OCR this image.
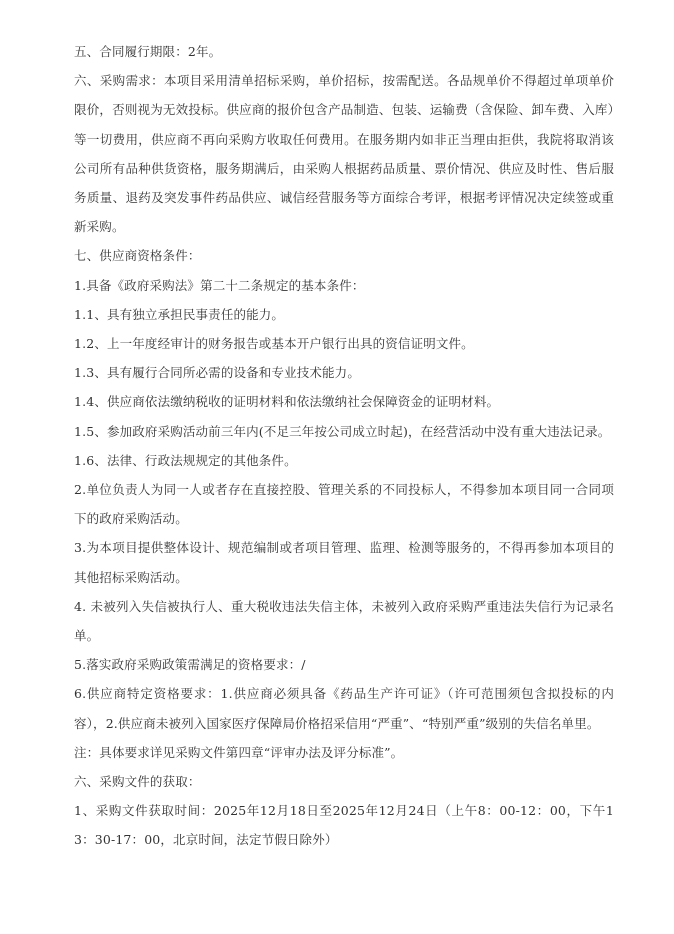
五、合同履行期限：2年。

六、采购需求：本项目采用清单招标采购，单价招标，按需配送。各品规单价不得超过单项单价限价，否则视为无效投标。供应商的报价包含产品制造、包装、运输费（含保险、卸车费、入库）等一切费用，供应商不再向采购方收取任何费用。在服务期内如非正当理由拒供，我院将取消该公司所有品种供货资格，服务期满后，由采购人根据药品质量、票价情况、供应及时性、售后服务质量、退药及突发事件药品供应、诚信经营服务等方面综合考评，根据考评情况决定续签或重新采购。

七、供应商资格条件：

1.具备《政府采购法》第二十二条规定的基本条件：

1.1、具有独立承担民事责任的能力。

1.2、上一年度经审计的财务报告或基本开户银行出具的资信证明文件。

1.3、具有履行合同所必需的设备和专业技术能力。

1.4、供应商依法缴纳税收的证明材料和依法缴纳社会保障资金的证明材料。

1.5、参加政府采购活动前三年内(不足三年按公司成立时起)，在经营活动中没有重大违法记录。

1.6、法律、行政法规规定的其他条件。

2.单位负责人为同一人或者存在直接控股、管理关系的不同投标人，不得参加本项目同一合同项下的政府采购活动。

3.为本项目提供整体设计、规范编制或者项目管理、监理、检测等服务的，不得再参加本项目的其他招标采购活动。

4. 未被列入失信被执行人、重大税收违法失信主体，未被列入政府采购严重违法失信行为记录名单。

5.落实政府采购政策需满足的资格要求：/

6.供应商特定资格要求：1.供应商必须具备《药品生产许可证》（许可范围须包含拟投标的内容），2.供应商未被列入国家医疗保障局价格招采信用“严重”、“特别严重”级别的失信名单里。

注：具体要求详见采购文件第四章“评审办法及评分标准”。

六、采购文件的获取：

1、采购文件获取时间：2025年12月18日至2025年12月24日（上午8：00-12：00，下午13：30-17：00，北京时间，法定节假日除外）
